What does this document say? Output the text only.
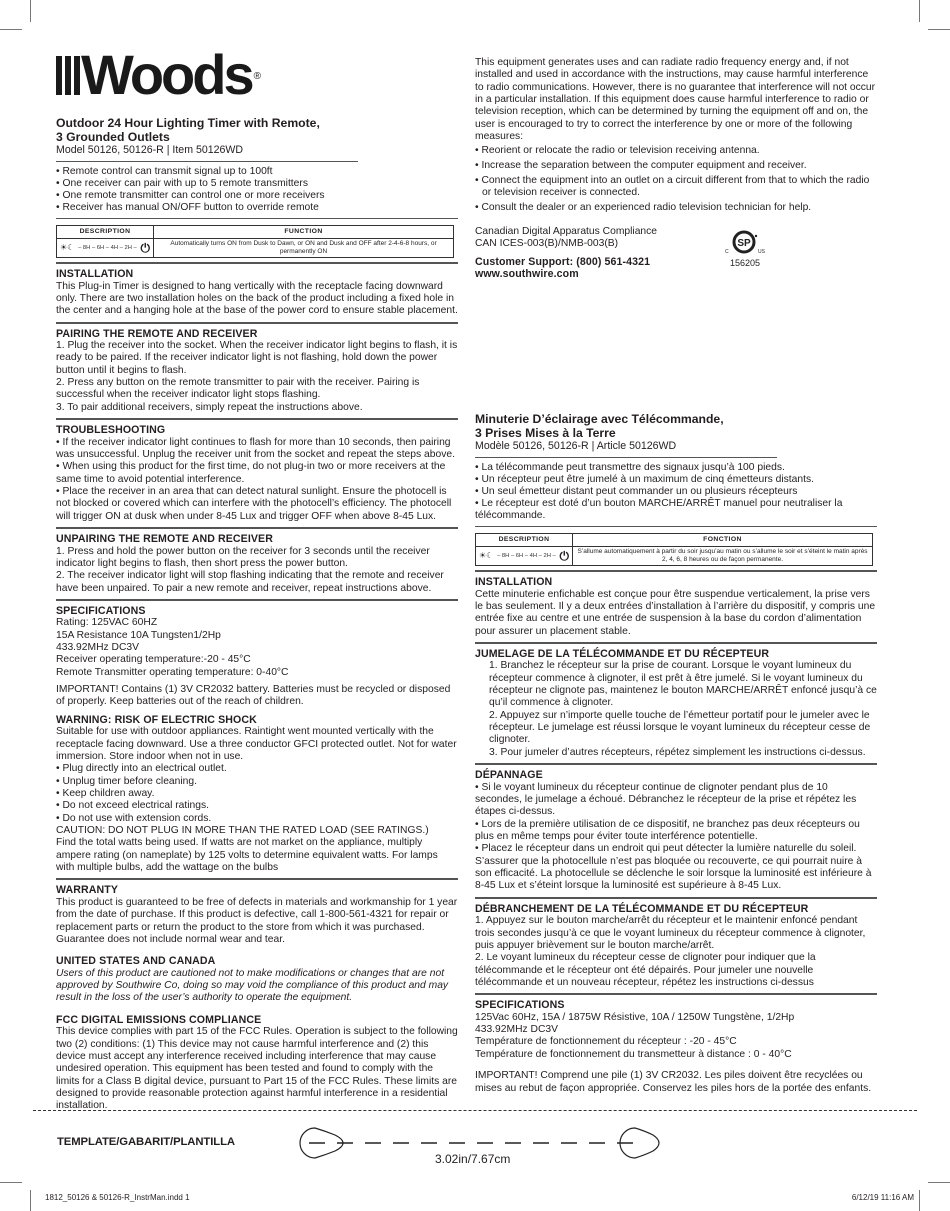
Woods ®
Outdoor 24 Hour Lighting Timer with Remote,
3 Grounded Outlets
Model 50126, 50126-R | Item 50126WD
• Remote control can transmit signal up to 100ft
• One receiver can pair with up to 5 remote transmitters
• One remote transmitter can control one or more receivers
• Receiver has manual ON/OFF button to override remote
DESCRIPTION	FUNCTION

☀☾ – 8H – 6H – 4H – 2H – ⏻	Automatically turns ON from Dusk to Dawn, or ON and Dusk and OFF after 2-4-6-8 hours, or permanently ON
INSTALLATION

This Plug-in Timer is designed to hang vertically with the receptacle facing downward only. There are two installation holes on the back of the product including a fixed hole in the center and a hanging hole at the base of the power cord to ensure stable placement.

PAIRING THE REMOTE AND RECEIVER

1. Plug the receiver into the socket. When the receiver indicator light begins to flash, it is ready to be paired. If the receiver indicator light is not flashing, hold down the power button until it begins to flash.

2. Press any button on the remote transmitter to pair with the receiver. Pairing is successful when the receiver indicator light stops flashing.

3. To pair additional receivers, simply repeat the instructions above.

TROUBLESHOOTING

• If the receiver indicator light continues to flash for more than 10 seconds, then pairing was unsuccessful. Unplug the receiver unit from the socket and repeat the steps above.

• When using this product for the first time, do not plug-in two or more receivers at the same time to avoid potential interference.

• Place the receiver in an area that can detect natural sunlight. Ensure the photocell is not blocked or covered which can interfere with the photocell’s efficiency. The photocell will trigger ON at dusk when under 8-45 Lux and trigger OFF when above 8-45 Lux.

UNPAIRING THE REMOTE AND RECEIVER

1. Press and hold the power button on the receiver for 3 seconds until the receiver indicator light begins to flash, then short press the power button.

2. The receiver indicator light will stop flashing indicating that the remote and receiver have been unpaired. To pair a new remote and receiver, repeat instructions above.

SPECIFICATIONS
Rating: 125VAC 60HZ
15A Resistance 10A Tungsten1/2Hp
433.92MHz DC3V
Receiver operating temperature:-20 - 45°C
Remote Transmitter operating temperature: 0-40°C

IMPORTANT! Contains (1) 3V CR2032 battery. Batteries must be recycled or disposed of properly. Keep batteries out of the reach of children.

WARNING: RISK OF ELECTRIC SHOCK

Suitable for use with outdoor appliances. Raintight went mounted vertically with the receptacle facing downward. Use a three conductor GFCI protected outlet. Not for water immersion. Store indoor when not in use.

• Plug directly into an electrical outlet.
• Unplug timer before cleaning.
• Keep children away.
• Do not exceed electrical ratings.
• Do not use with extension cords.
CAUTION: DO NOT PLUG IN MORE THAN THE RATED LOAD (SEE RATINGS.)

Find the total watts being used. If watts are not market on the appliance, multiply ampere rating (on nameplate) by 125 volts to determine equivalent watts. For lamps with multiple bulbs, add the wattage on the bulbs

WARRANTY

This product is guaranteed to be free of defects in materials and workmanship for 1 year from the date of purchase. If this product is defective, call 1-800-561-4321 for repair or replacement parts or return the product to the store from which it was purchased. Guarantee does not include normal wear and tear.

UNITED STATES AND CANADA

Users of this product are cautioned not to make modifications or changes that are not approved by Southwire Co, doing so may void the compliance of this product and may result in the loss of the user’s authority to operate the equipment.

FCC DIGITAL EMISSIONS COMPLIANCE

This device complies with part 15 of the FCC Rules. Operation is subject to the following two (2) conditions: (1) This device may not cause harmful interference and (2) this device must accept any interference received including interference that may cause undesired operation. This equipment has been tested and found to comply with the limits for a Class B digital device, pursuant to Part 15 of the FCC Rules. These limits are designed to provide reasonable protection against harmful interference in a residential installation.

This equipment generates uses and can radiate radio frequency energy and, if not installed and used in accordance with the instructions, may cause harmful interference to radio communications. However, there is no guarantee that interference will not occur in a particular installation. If this equipment does cause harmful interference to radio or television reception, which can be determined by turning the equipment off and on, the user is encouraged to try to correct the interference by one or more of the following measures:

• Reorient or relocate the radio or television receiving antenna.
• Increase the separation between the computer equipment and receiver.
• Connect the equipment into an outlet on a circuit different from that to which the radio or television receiver is connected.
• Consult the dealer or an experienced radio television technician for help.
Canadian Digital Apparatus Compliance
CAN ICES-003(B)/NMB-003(B)
Customer Support: (800) 561-4321
www.southwire.com
SP
C	US
156205
Minuterie D’éclairage avec Télécommande,
3 Prises Mises à la Terre
Modèle 50126, 50126-R | Article 50126WD
• La télécommande peut transmettre des signaux jusqu’à 100 pieds.
• Un récepteur peut être jumelé à un maximum de cinq émetteurs distants.
• Un seul émetteur distant peut commander un ou plusieurs récepteurs
• Le récepteur est doté d’un bouton MARCHE/ARRÊT manuel pour neutraliser la télécommande.
DESCRIPTION	FONCTION

☀☾ – 8H – 6H – 4H – 2H – ⏻	S’allume automatiquement à partir du soir jusqu’au matin ou s’allume le soir et s’éteint le matin après 2, 4, 6, 8 heures ou de façon permanente.
INSTALLATION

Cette minuterie enfichable est conçue pour être suspendue verticalement, la prise vers le bas seulement. Il y a deux entrées d’installation à l’arrière du dispositif, y compris une entrée fixe au centre et une entrée de suspension à la base du cordon d’alimentation pour assurer un placement stable.

JUMELAGE DE LA TÉLÉCOMMANDE ET DU RÉCEPTEUR

1. Branchez le récepteur sur la prise de courant. Lorsque le voyant lumineux du récepteur commence à clignoter, il est prêt à être jumelé. Si le voyant lumineux du récepteur ne clignote pas, maintenez le bouton MARCHE/ARRÊT enfoncé jusqu’à ce qu’il commence à clignoter.

2. Appuyez sur n’importe quelle touche de l’émetteur portatif pour le jumeler avec le récepteur. Le jumelage est réussi lorsque le voyant lumineux du récepteur cesse de clignoter.

3. Pour jumeler d’autres récepteurs, répétez simplement les instructions ci-dessus.

DÉPANNAGE

• Si le voyant lumineux du récepteur continue de clignoter pendant plus de 10 secondes, le jumelage a échoué. Débranchez le récepteur de la prise et répétez les étapes ci-dessus.

• Lors de la première utilisation de ce dispositif, ne branchez pas deux récepteurs ou plus en même temps pour éviter toute interférence potentielle.

• Placez le récepteur dans un endroit qui peut détecter la lumière naturelle du soleil. S’assurer que la photocellule n’est pas bloquée ou recouverte, ce qui pourrait nuire à son efficacité. La photocellule se déclenche le soir lorsque la luminosité est inférieure à 8-45 Lux et s’éteint lorsque la luminosité est supérieure à 8-45 Lux.

DÉBRANCHEMENT DE LA TÉLÉCOMMANDE ET DU RÉCEPTEUR

1. Appuyez sur le bouton marche/arrêt du récepteur et le maintenir enfoncé pendant trois secondes jusqu’à ce que le voyant lumineux du récepteur commence à clignoter, puis appuyer brièvement sur le bouton marche/arrêt.

2. Le voyant lumineux du récepteur cesse de clignoter pour indiquer que la télécommande et le récepteur ont été dépairés. Pour jumeler une nouvelle télécommande et un nouveau récepteur, répétez les instructions ci-dessus

SPECIFICATIONS
125Vac 60Hz, 15A / 1875W Résistive, 10A / 1250W Tungstène, 1/2Hp
433.92MHz DC3V
Température de fonctionnement du récepteur : -20 - 45°C
Température de fonctionnement du transmetteur à distance : 0 - 40°C

IMPORTANT! Comprend une pile (1) 3V CR2032. Les piles doivent être recyclées ou mises au rebut de façon appropriée. Conservez les piles hors de la portée des enfants.

TEMPLATE/GABARIT/PLANTILLA
3.02in/7.67cm
1812_50126 & 50126-R_InstrMan.indd 1	6/12/19 11:16 AM
